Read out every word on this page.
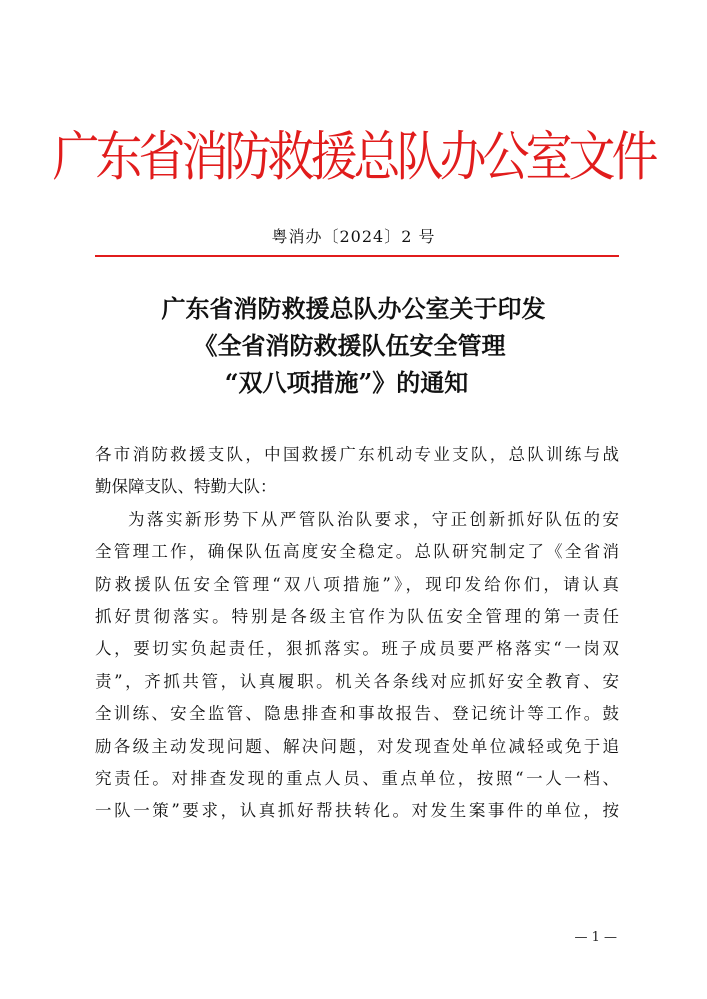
广东省消防救援总队办公室文件
粤消办〔2024〕2 号
广东省消防救援总队办公室关于印发
《全省消防救援队伍安全管理
“双八项措施”》的通知
各市消防救援支队，中国救援广东机动专业支队，总队训练与战
勤保障支队、特勤大队：
为落实新形势下从严管队治队要求，守正创新抓好队伍的安
全管理工作，确保队伍高度安全稳定。总队研究制定了《全省消
防救援队伍安全管理“双八项措施”》，现印发给你们，请认真
抓好贯彻落实。特别是各级主官作为队伍安全管理的第一责任
人，要切实负起责任，狠抓落实。班子成员要严格落实“一岗双
责”，齐抓共管，认真履职。机关各条线对应抓好安全教育、安
全训练、安全监管、隐患排查和事故报告、登记统计等工作。鼓
励各级主动发现问题、解决问题，对发现查处单位减轻或免于追
究责任。对排查发现的重点人员、重点单位，按照“一人一档、
一队一策”要求，认真抓好帮扶转化。对发生案事件的单位，按
— 1 —
